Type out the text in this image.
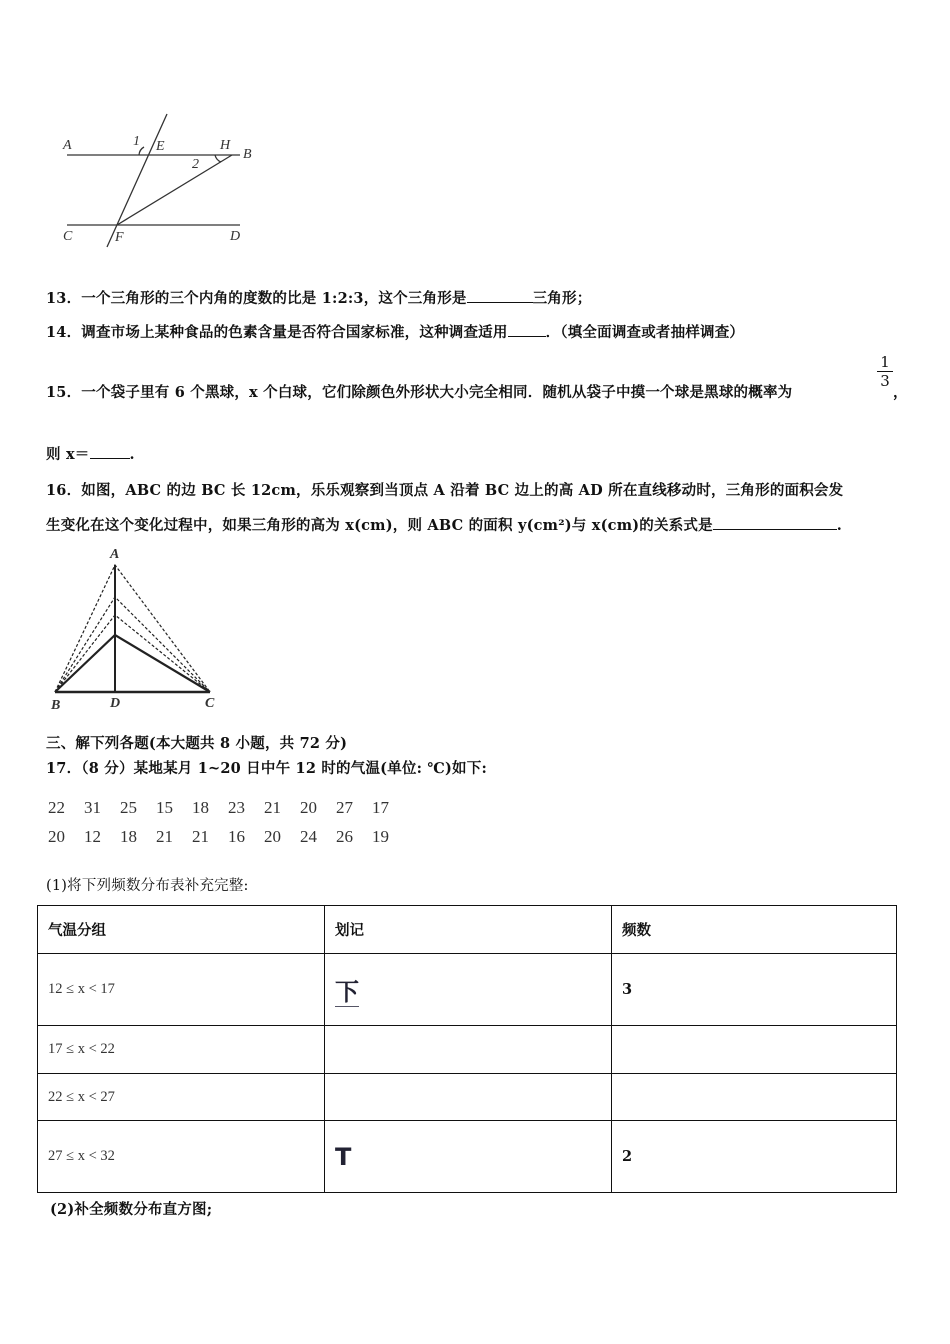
A	1 E	H
B
2
C	F	D
13．一个三角形的三个内角的度数的比是 1:2:3，这个三角形是	三角形；
14．调查市场上某种食品的色素含量是否符合国家标准，这种调查适用	．（填全面调查或者抽样调查）
15．一个袋子里有 6 个黑球，x 个白球，它们除颜色外形状大小完全相同．随机从袋子中摸一个球是黑球的概率为
$\frac{1}{3}$
，
则 x＝	.
16．如图，ABC 的边 BC 长 12cm，乐乐观察到当顶点 A 沿着 BC 边上的高 AD 所在直线移动时，三角形的面积会发
生变化在这个变化过程中，如果三角形的高为 x(cm)，则 ABC 的面积 y(cm²)与 x(cm)的关系式是	.
A
B	D	C
三、解下列各题(本大题共 8 小题，共 72 分)
17．（8 分）某地某月 1~20 日中午 12 时的气温(单位: ℃)如下:
22 31 25 15 18 23 21 20 27 17
20 12 18 21 21 16 20 24 26 19
(1)将下列频数分布表补充完整:
气温分组	划记	频数
12 ≤ x < 17	下	3
17 ≤ x < 22		
22 ≤ x < 27		
27 ≤ x < 32	T	2
(2)补全频数分布直方图;
